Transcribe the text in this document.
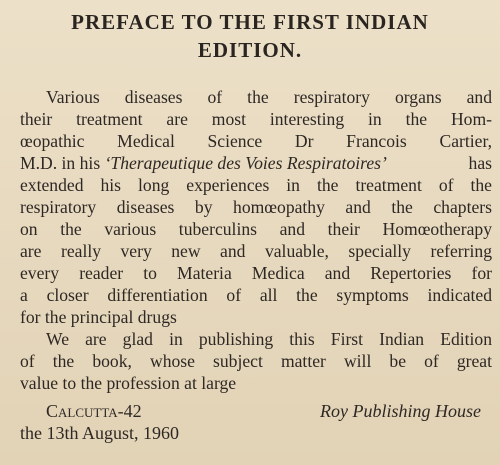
PREFACE TO THE FIRST INDIAN
EDITION.
Various diseases of the respiratory organs and
their treatment are most interesting in the Hom-
œopathic Medical Science Dr Francois Cartier,
M.D. in his ‘Therapeutique des Voies Respiratoires’	has
extended his long experiences in the treatment of the
respiratory diseases by homœopathy and the chapters
on the various tuberculins and their Homœotherapy
are really very new and valuable, specially referring
every reader to Materia Medica and Repertories for
a closer differentiation of all the symptoms indicated
for the principal drugs
We are glad in publishing this First Indian Edition
of the book, whose subject matter will be of great
value to the profession at large
Calcutta-42	Roy Publishing House
the 13th August, 1960
